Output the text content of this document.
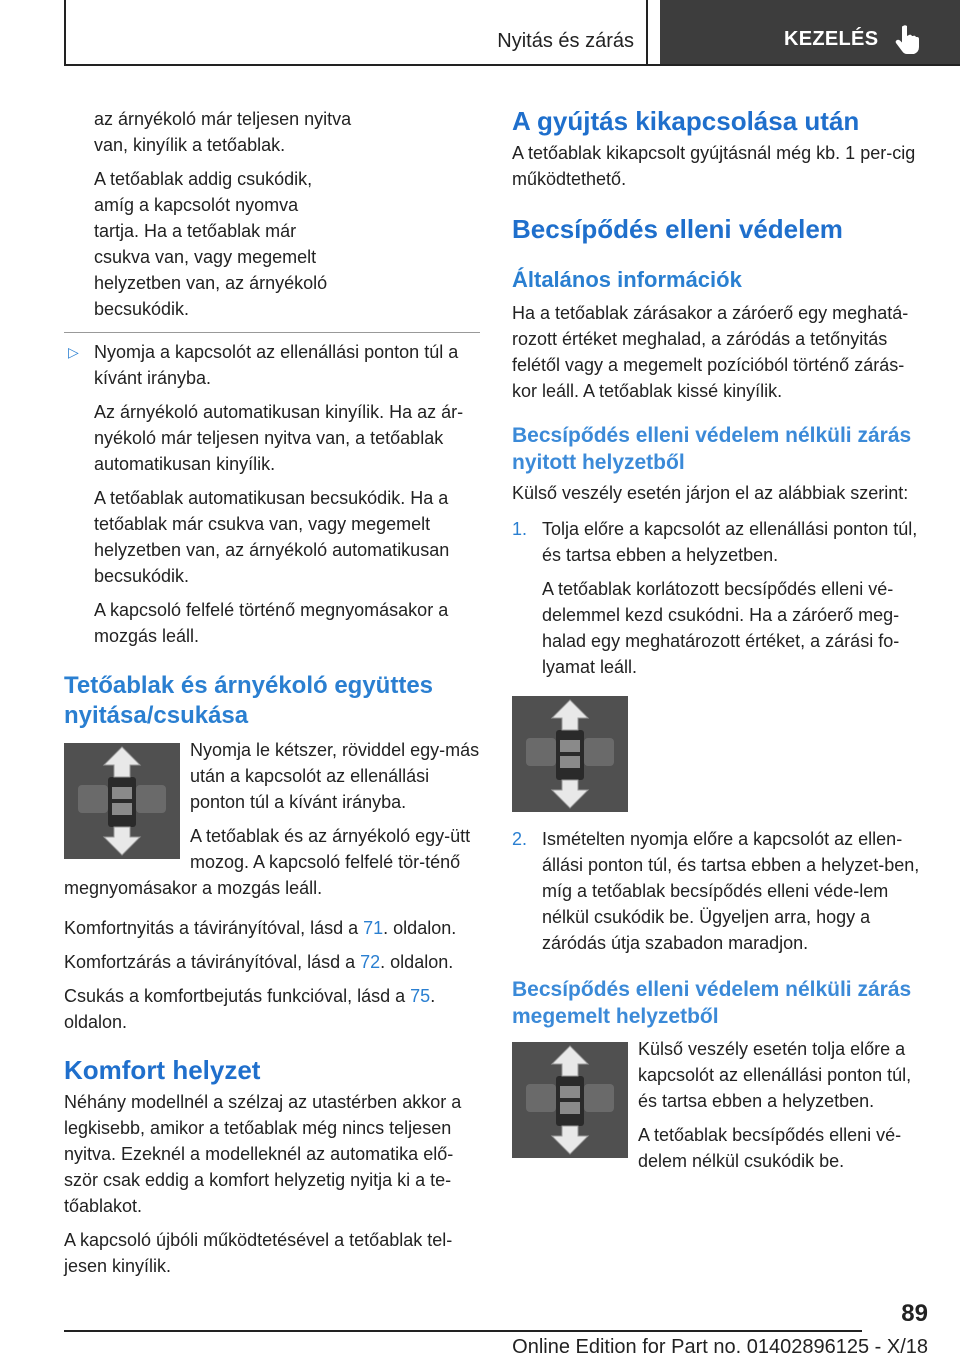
Nyitás és zárás	KEZELÉS

az árnyékoló már teljesen nyitva van, kinyílik a tetőablak.

A tetőablak addig csukódik, amíg a kapcsolót nyomva tartja. Ha a tetőablak már csukva van, vagy megemelt helyzetben van, az árnyékoló becsukódik.

▷ Nyomja a kapcsolót az ellenállási ponton túl a kívánt irányba.

Az árnyékoló automatikusan kinyílik. Ha az ár-nyékoló már teljesen nyitva van, a tetőablak automatikusan kinyílik.

A tetőablak automatikusan becsukódik. Ha a tetőablak már csukva van, vagy megemelt helyzetben van, az árnyékoló automatikusan becsukódik.

A kapcsoló felfelé történő megnyomásakor a mozgás leáll.

Tetőablak és árnyékoló együttes nyitása/csukása

Nyomja le kétszer, röviddel egy-más után a kapcsolót az ellenállási ponton túl a kívánt irányba.

A tetőablak és az árnyékoló egy-ütt mozog. A kapcsoló felfelé tör-ténő megnyomásakor a mozgás leáll.

Komfortnyitás a távirányítóval, lásd a 71. oldalon.

Komfortzárás a távirányítóval, lásd a 72. oldalon.

Csukás a komfortbejutás funkcióval, lásd a 75. oldalon.

Komfort helyzet

Néhány modellnél a szélzaj az utastérben akkor a legkisebb, amikor a tetőablak még nincs teljesen nyitva. Ezeknél a modelleknél az automatika elő-ször csak eddig a komfort helyzetig nyitja ki a te-tőablakot.

A kapcsoló újbóli működtetésével a tetőablak tel-jesen kinyílik.

A gyújtás kikapcsolása után

A tetőablak kikapcsolt gyújtásnál még kb. 1 per-cig működtethető.

Becsípődés elleni védelem
Általános információk

Ha a tetőablak zárásakor a záróerő egy meghatá-rozott értéket meghalad, a záródás a tetőnyitás felétől vagy a megemelt pozícióból történő zárás-kor leáll. A tetőablak kissé kinyílik.

Becsípődés elleni védelem nélküli zárás nyitott helyzetből

Külső veszély esetén járjon el az alábbiak szerint:

1. Tolja előre a kapcsolót az ellenállási ponton túl, és tartsa ebben a helyzetben.

A tetőablak korlátozott becsípődés elleni vé-delemmel kezd csukódni. Ha a záróerő meg-halad egy meghatározott értéket, a zárási fo-lyamat leáll.

2. Ismételten nyomja előre a kapcsolót az ellen-állási ponton túl, és tartsa ebben a helyzet-ben, míg a tetőablak becsípődés elleni véde-lem nélkül csukódik be. Ügyeljen arra, hogy a záródás útja szabadon maradjon.

Becsípődés elleni védelem nélküli zárás megemelt helyzetből

Külső veszély esetén tolja előre a kapcsolót az ellenállási ponton túl, és tartsa ebben a helyzetben.

A tetőablak becsípődés elleni vé-delem nélkül csukódik be.

89
Online Edition for Part no. 01402896125 - X/18
